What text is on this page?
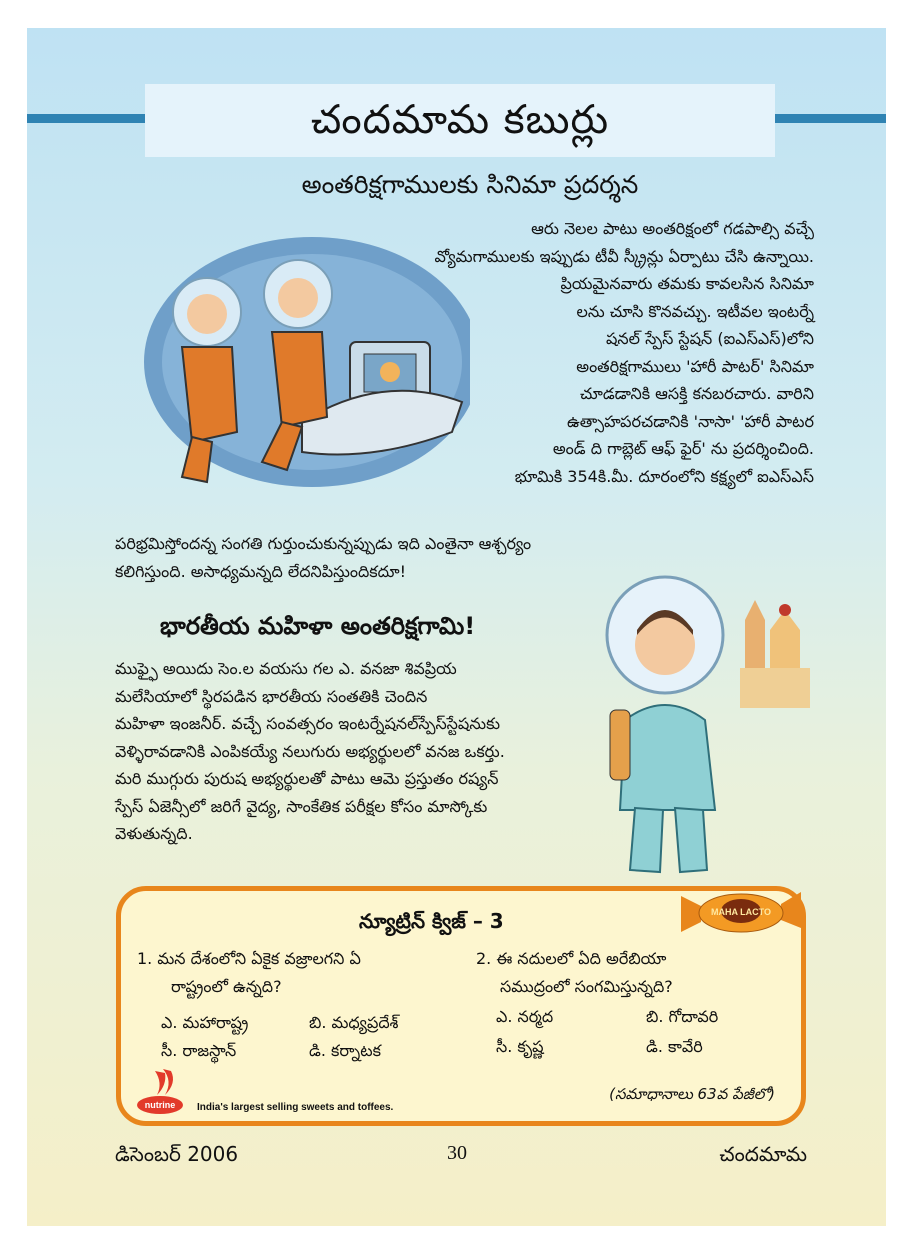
చందమామ కబుర్లు
అంతరిక్షగాములకు సినిమా ప్రదర్శన
ఆరు నెలల పాటు అంతరిక్షంలో గడపాల్సి వచ్చే
వ్యోమగాములకు ఇప్పుడు టీవీ స్క్రీన్లు ఏర్పాటు చేసి ఉన్నాయి.
ప్రియమైనవారు తమకు కావలసిన సినిమా
లను చూసి కొనవచ్చు. ఇటీవల ఇంటర్నే
షనల్‌ స్పేస్‌ స్టేషన్‌ (ఐఎస్‌ఎస్‌)లోని
అంతరిక్షగాములు 'హారీ పాటర్' సినిమా
చూడడానికి ఆసక్తి కనబరచారు. వారిని
ఉత్సాహపరచడానికి 'నాసా' 'హారీ పాటర
అండ్ ది గాబ్లెట్ ఆఫ్ ఫైర్' ను ప్రదర్శించింది.
భూమికి 354కి.మీ. దూరంలోని కక్ష్యలో ఐఎస్‌ఎస్‌
పరిభ్రమిస్తోందన్న సంగతి గుర్తుంచుకున్నప్పుడు ఇది ఎంతైనా ఆశ్చర్యం
కలిగిస్తుంది. అసాధ్యమన్నది లేదనిపిస్తుందికదూ!
భారతీయ మహిళా అంతరిక్షగామి!
ముఫ్ఫై అయిదు సెం.ల వయసు గల ఎ. వనజా శివప్రియ
మలేసియాలో స్థిరపడిన భారతీయ సంతతికి చెందిన
మహిళా ఇంజనీర్. వచ్చే సంవత్సరం ఇంటర్నేషనల్‌స్పేస్‌స్టేషనుకు
వెళ్ళిరావడానికి ఎంపికయ్యే నలుగురు అభ్యర్థులలో వనజ ఒకర్తు.
మరి ముగ్గురు పురుష అభ్యర్థులతో పాటు ఆమె ప్రస్తుతం రష్యన్
స్పేస్‌ ఏజెన్సీలో జరిగే వైద్య, సాంకేతిక పరీక్షల కోసం మాస్కోకు
వెళుతున్నది.
న్యూట్రిన్ క్విజ్ – 3	MAHA LACTO
1. మన దేశంలోని ఏకైక వజ్రాలగని ఏ
రాష్ట్రంలో ఉన్నది?
ఎ. మహారాష్ట్ర	బి. మధ్యప్రదేశ్
సీ. రాజస్థాన్	డి. కర్నాటక
2. ఈ నదులలో ఏది అరేబియా
సముద్రంలో సంగమిస్తున్నది?
ఎ. నర్మద	బి. గోదావరి
సీ. కృష్ణ	డి. కావేరి
(సమాధానాలు 63వ పేజీలో)
nutrine India's largest selling sweets and toffees.
డిసెంబర్ 2006	30	చందమామ
